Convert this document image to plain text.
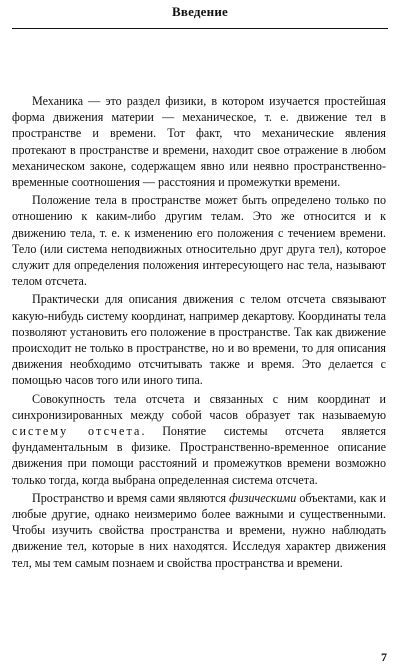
Введение

Механика — это раздел физики, в котором изучается простейшая форма движения материи — механическое, т. е. движение тел в пространстве и времени. Тот факт, что механические явления протекают в пространстве и времени, находит свое отражение в любом механическом законе, содержащем явно или неявно пространственно-временные соотношения — расстояния и промежутки времени.

Положение тела в пространстве может быть определено только по отношению к каким-либо другим телам. Это же относится и к движению тела, т. е. к изменению его положения с течением времени. Тело (или система неподвижных относительно друг друга тел), которое служит для определения положения интересующего нас тела, называют телом отсчета.

Практически для описания движения с телом отсчета связывают какую-нибудь систему координат, например декартову. Координаты тела позволяют установить его положение в пространстве. Так как движение происходит не только в пространстве, но и во времени, то для описания движения необходимо отсчитывать также и время. Это делается с помощью часов того или иного типа.

Совокупность тела отсчета и связанных с ним координат и синхронизированных между собой часов образует так называемую систему отсчета. Понятие системы отсчета является фундаментальным в физике. Пространственно-временное описание движения при помощи расстояний и промежутков времени возможно только тогда, когда выбрана определенная система отсчета.

Пространство и время сами являются физическими объектами, как и любые другие, однако неизмеримо более важными и существенными. Чтобы изучить свойства пространства и времени, нужно наблюдать движение тел, которые в них находятся. Исследуя характер движения тел, мы тем самым познаем и свойства пространства и времени.

7
